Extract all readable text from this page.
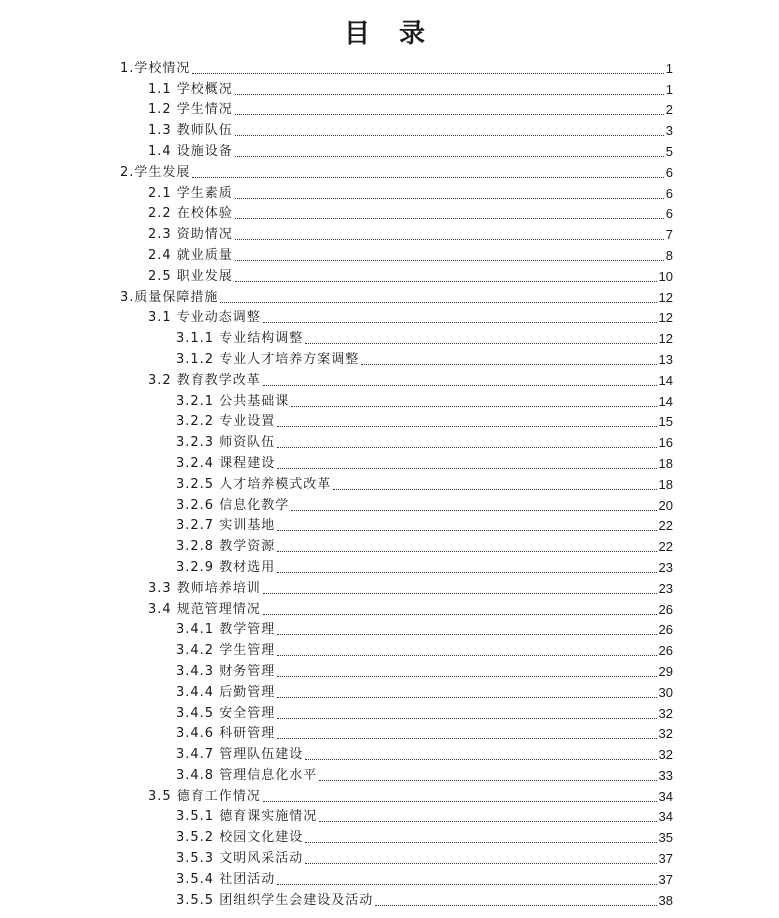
目 录
1.学校情况	1
1.1 学校概况	1
1.2 学生情况	2
1.3 教师队伍	3
1.4 设施设备	5
2.学生发展	6
2.1 学生素质	6
2.2 在校体验	6
2.3 资助情况	7
2.4 就业质量	8
2.5 职业发展	10
3.质量保障措施	12
3.1 专业动态调整	12
3.1.1 专业结构调整	12
3.1.2 专业人才培养方案调整	13
3.2 教育教学改革	14
3.2.1 公共基础课	14
3.2.2 专业设置	15
3.2.3 师资队伍	16
3.2.4 课程建设	18
3.2.5 人才培养模式改革	18
3.2.6 信息化教学	20
3.2.7 实训基地	22
3.2.8 教学资源	22
3.2.9 教材选用	23
3.3 教师培养培训	23
3.4 规范管理情况	26
3.4.1 教学管理	26
3.4.2 学生管理	26
3.4.3 财务管理	29
3.4.4 后勤管理	30
3.4.5 安全管理	32
3.4.6 科研管理	32
3.4.7 管理队伍建设	32
3.4.8 管理信息化水平	33
3.5 德育工作情况	34
3.5.1 德育课实施情况	34
3.5.2 校园文化建设	35
3.5.3 文明风采活动	37
3.5.4 社团活动	37
3.5.5 团组织学生会建设及活动	38
